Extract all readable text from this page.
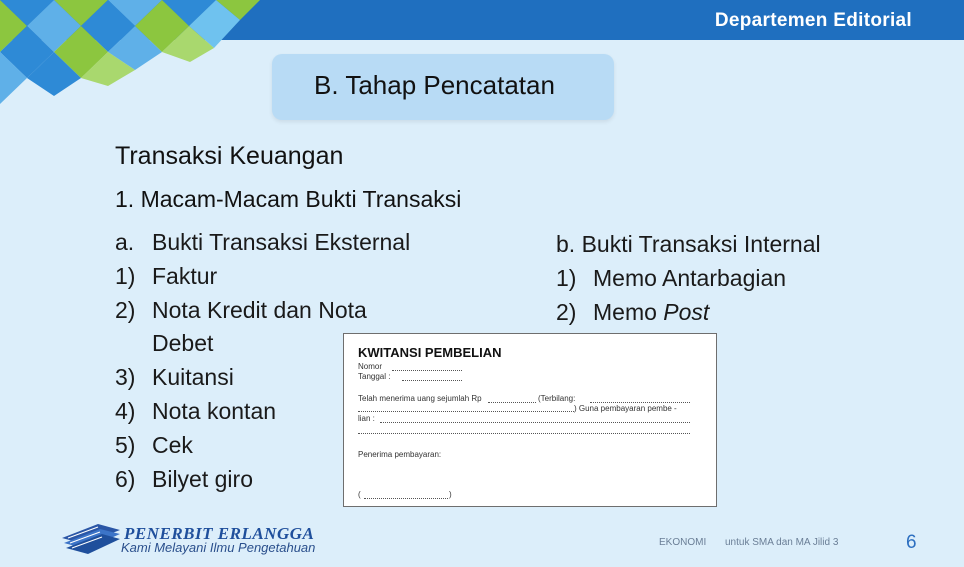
Departemen Editorial
B. Tahap Pencatatan
Transaksi Keuangan
1. Macam-Macam Bukti Transaksi
a. Bukti Transaksi Eksternal
1) Faktur
2) Nota Kredit dan Nota Debet
3) Kuitansi
4) Nota kontan
5) Cek
6) Bilyet giro
b. Bukti Transaksi Internal
1) Memo Antarbagian
2) Memo Post
KWITANSI PEMBELIAN
Nomor
Tanggal :
Telah menerima uang sejumlah Rp	(Terbilang:
) Guna pembayaran pembe -
lian :
Penerima pembayaran:
(	)
PENERBIT ERLANGGA
Kami Melayani Ilmu Pengetahuan	EKONOMI untuk SMA dan MA Jilid 3	6
